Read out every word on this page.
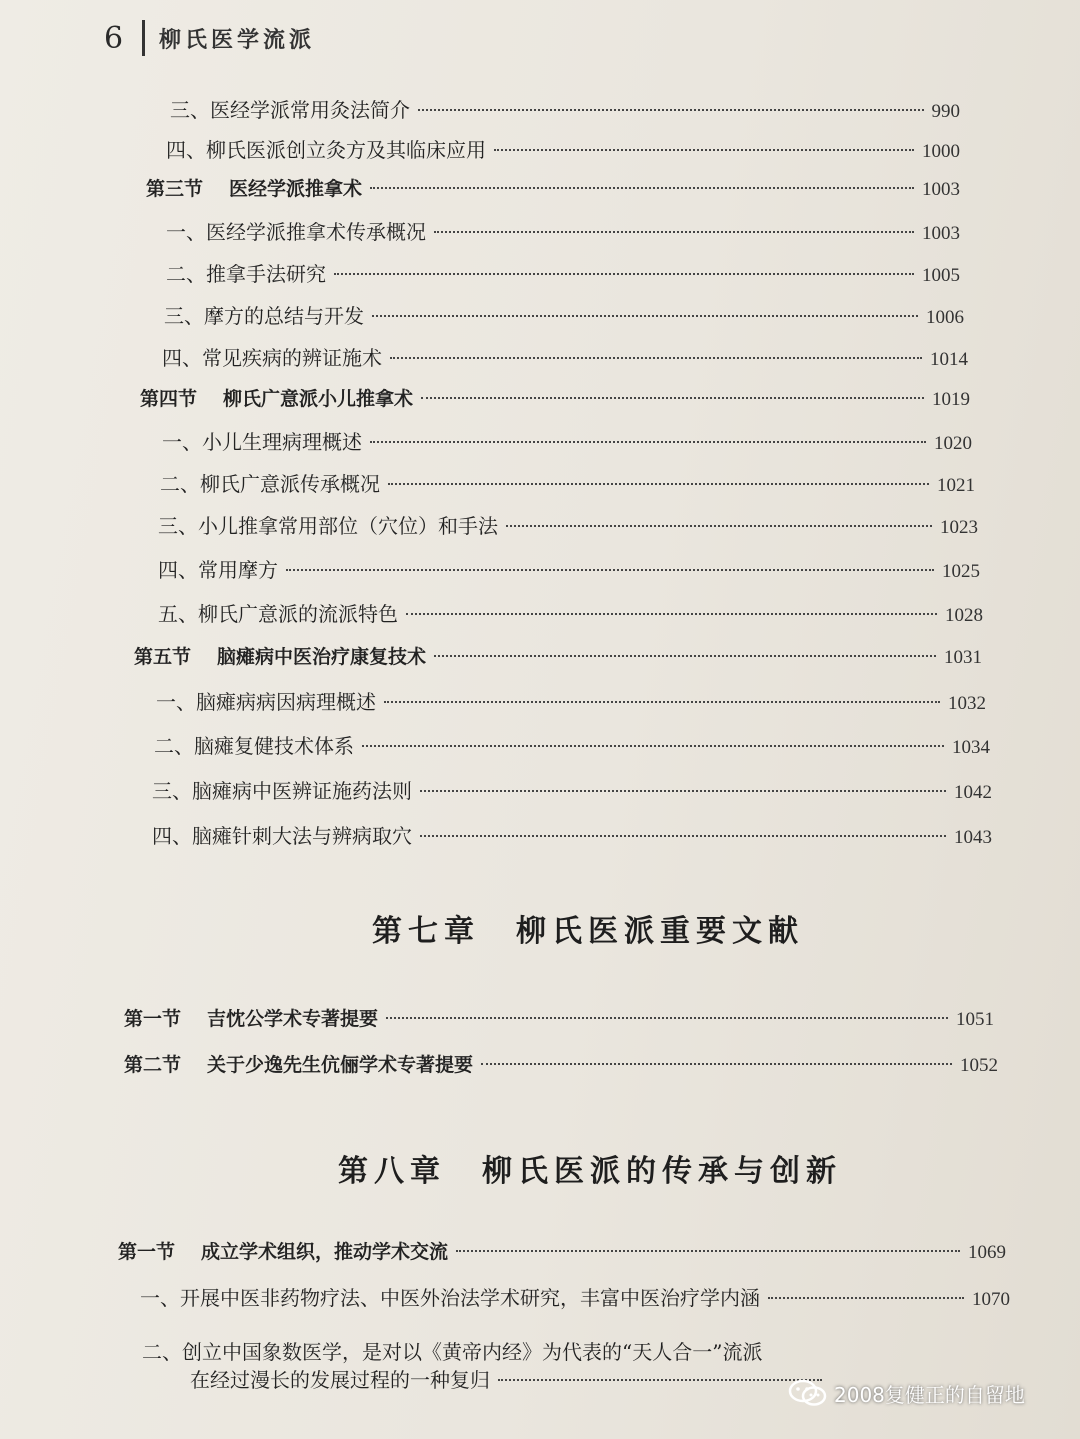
6	柳氏医学流派
三、医经学派常用灸法简介	990
四、柳氏医派创立灸方及其临床应用	1000
第三节 医经学派推拿术	1003
一、医经学派推拿术传承概况	1003
二、推拿手法研究	1005
三、摩方的总结与开发	1006
四、常见疾病的辨证施术	1014
第四节 柳氏广意派小儿推拿术	1019
一、小儿生理病理概述	1020
二、柳氏广意派传承概况	1021
三、小儿推拿常用部位（穴位）和手法	1023
四、常用摩方	1025
五、柳氏广意派的流派特色	1028
第五节 脑瘫病中医治疗康复技术	1031
一、脑瘫病病因病理概述	1032
二、脑瘫复健技术体系	1034
三、脑瘫病中医辨证施药法则	1042
四、脑瘫针刺大法与辨病取穴	1043
第一节 吉忱公学术专著提要	1051
第二节 关于少逸先生伉俪学术专著提要	1052
第一节 成立学术组织，推动学术交流	1069
一、开展中医非药物疗法、中医外治法学术研究，丰富中医治疗学内涵	1070
第七章 柳氏医派重要文献
第八章 柳氏医派的传承与创新
二、创立中国象数医学，是对以《黄帝内经》为代表的“天人合一”流派
在经过漫长的发展过程的一种复归
2008复健正的自留地
